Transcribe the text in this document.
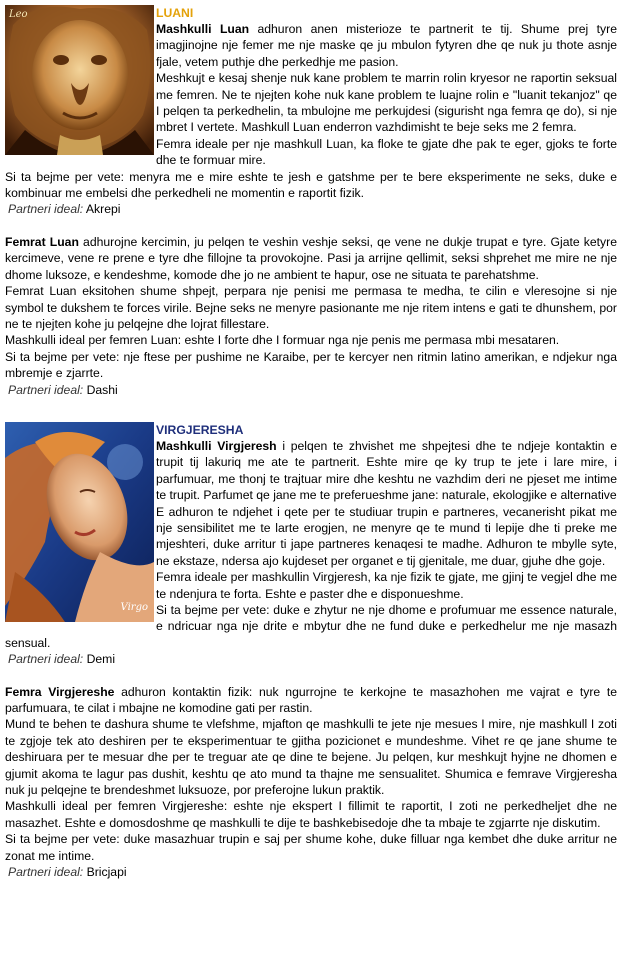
Leo	LUANI

Mashkulli Luan adhuron anen misterioze te partnerit te tij. Shume prej tyre imagjinojne nje femer me nje maske qe ju mbulon fytyren dhe qe nuk ju thote asnje fjale, vetem puthje dhe perkedhje me pasion.

Meshkujt e kesaj shenje nuk kane problem te marrin rolin kryesor ne raportin seksual me femren. Ne te njejten kohe nuk kane problem te luajne rolin e "luanit tekanjoz" qe I pelqen ta perkedhelin, ta mbulojne me perkujdesi (sigurisht nga femra qe do), si nje mbret I vertete. Mashkull Luan enderron vazhdimisht te beje seks me 2 femra.

Femra ideale per nje mashkull Luan, ka floke te gjate dhe pak te eger, gjoks te forte dhe te formuar mire.

Si ta bejme per vete: menyra me e mire eshte te jesh e gatshme per te bere eksperimente ne seks, duke e kombinuar me embelsi dhe perkedheli ne momentin e raportit fizik.

Partneri ideal: Akrepi

Femrat Luan adhurojne kercimin, ju pelqen te veshin veshje seksi, qe vene ne dukje trupat e tyre. Gjate ketyre kercimeve, vene re prene e tyre dhe fillojne ta provokojne. Pasi ja arrijne qellimit, seksi shprehet me mire ne nje dhome luksoze, e kendeshme, komode dhe jo ne ambient te hapur, ose ne situata te parehatshme.

Femrat Luan eksitohen shume shpejt, perpara nje penisi me permasa te medha, te cilin e vleresojne si nje symbol te dukshem te forces virile. Bejne seks ne menyre pasionante me nje ritem intens e gati te dhunshem, por ne te njejten kohe ju pelqejne dhe lojrat fillestare.

Mashkulli ideal per femren Luan: eshte I forte dhe I formuar nga nje penis me permasa mbi mesataren.

Si ta bejme per vete: nje ftese per pushime ne Karaibe, per te kercyer nen ritmin latino amerikan, e ndjekur nga mbremje e zjarrte.

Partneri ideal: Dashi

Virgo

VIRGJERESHA

Mashkulli Virgjeresh i pelqen te zhvishet me shpejtesi dhe te ndjeje kontaktin e trupit tij lakuriq me ate te partnerit. Eshte mire qe ky trup te jete i lare mire, i parfumuar, me thonj te trajtuar mire dhe keshtu ne vazhdim deri ne pjeset me intime te trupit. Parfumet qe jane me te preferueshme jane: naturale, ekologjike e alternative

E adhuron te ndjehet i qete per te studiuar trupin e partneres, vecanerisht pikat me nje sensibilitet me te larte erogjen, ne menyre qe te mund ti lepije dhe ti preke me mjeshteri, duke arritur ti jape partneres kenaqesi te madhe. Adhuron te mbylle syte, ne ekstaze, ndersa ajo kujdeset per organet e tij gjenitale, me duar, gjuhe dhe goje.

Femra ideale per mashkullin Virgjeresh, ka nje fizik te gjate, me gjinj te vegjel dhe me te ndenjura te forta. Eshte e paster dhe e disponueshme.

Si ta bejme per vete: duke e zhytur ne nje dhome e profumuar me essence naturale, e ndricuar nga nje drite e mbytur dhe ne fund duke e perkedhelur me nje masazh sensual.

Partneri ideal: Demi

Femra Virgjereshe adhuron kontaktin fizik: nuk ngurrojne te kerkojne te masazhohen me vajrat e tyre te parfumuara, te cilat i mbajne ne komodine gati per rastin.

Mund te behen te dashura shume te vlefshme, mjafton qe mashkulli te jete nje mesues I mire, nje mashkull I zoti te zgjoje tek ato deshiren per te eksperimentuar te gjitha pozicionet e mundeshme. Vihet re qe jane shume te deshiruara per te mesuar dhe per te treguar ate qe dine te bejene. Ju pelqen, kur meshkujt hyjne ne dhomen e gjumit akoma te lagur pas dushit, keshtu qe ato mund ta thajne me sensualitet. Shumica e femrave Virgjeresha nuk ju pelqejne te brendeshmet luksuoze, por preferojne lukun praktik.

Mashkulli ideal per femren Virgjereshe: eshte nje ekspert I fillimit te raportit, I zoti ne perkedheljet dhe ne masazhet. Eshte e domosdoshme qe mashkulli te dije te bashkebisedoje dhe ta mbaje te zgjarrte nje diskutim.

Si ta bejme per vete: duke masazhuar trupin e saj per shume kohe, duke filluar nga kembet dhe duke arritur ne zonat me intime.

Partneri ideal: Bricjapi
